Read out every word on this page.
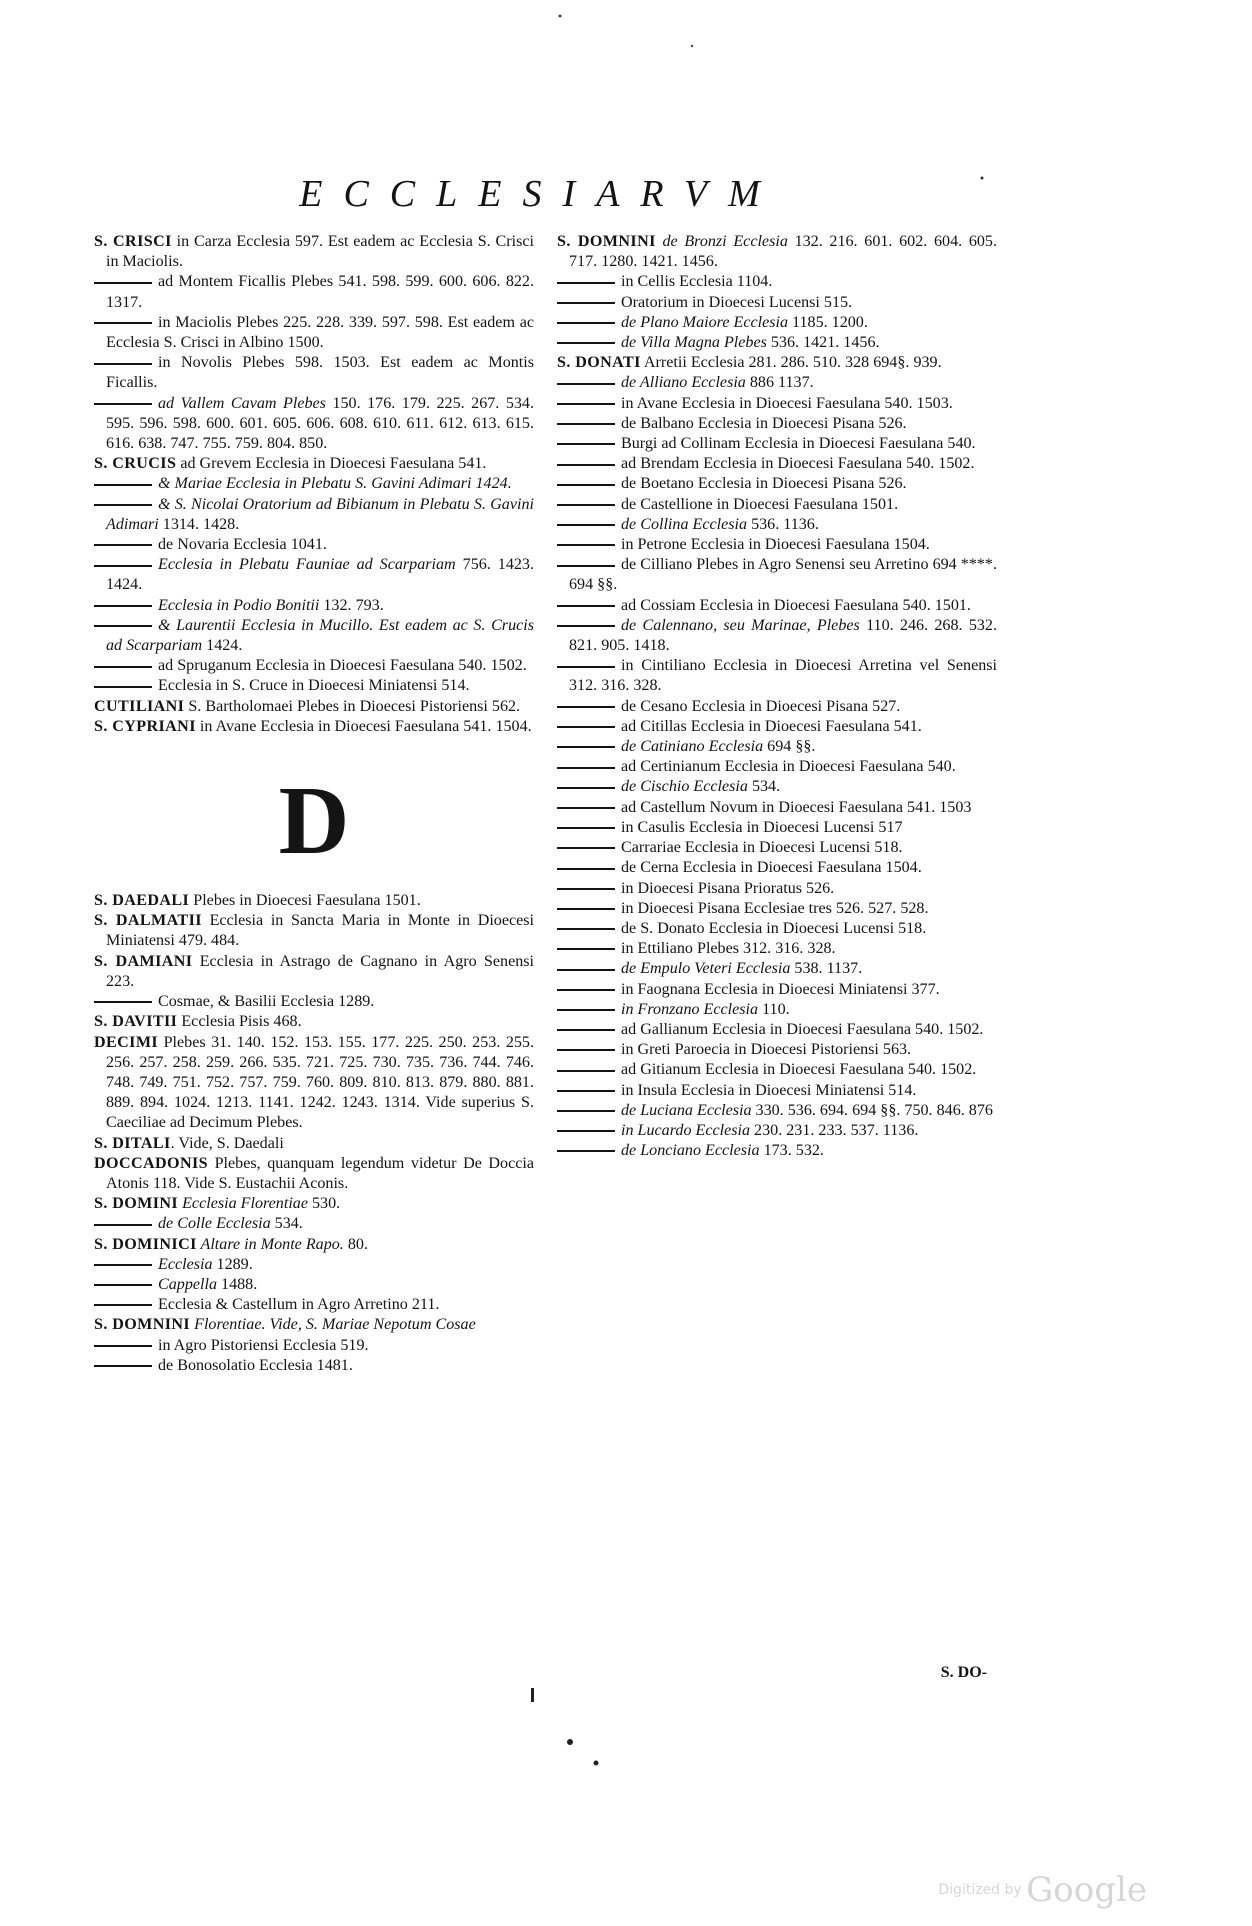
ECCLESIARVM

S. CRISCI in Carza Ecclesia 597. Est eadem ac Ecclesia S. Crisci in Maciolis.

ad Montem Ficallis Plebes 541. 598. 599. 600. 606. 822. 1317.

in Maciolis Plebes 225. 228. 339. 597. 598. Est eadem ac Ecclesia S. Crisci in Albino 1500.

in Novolis Plebes 598. 1503. Est eadem ac Montis Ficallis.

ad Vallem Cavam Plebes 150. 176. 179. 225. 267. 534. 595. 596. 598. 600. 601. 605. 606. 608. 610. 611. 612. 613. 615. 616. 638. 747. 755. 759. 804. 850.

S. CRUCIS ad Grevem Ecclesia in Dioecesi Faesulana 541.

& Mariae Ecclesia in Plebatu S. Gavini Adimari 1424.

& S. Nicolai Oratorium ad Bibianum in Plebatu S. Gavini Adimari 1314. 1428.

de Novaria Ecclesia 1041.

Ecclesia in Plebatu Fauniae ad Scarpariam 756. 1423. 1424.

Ecclesia in Podio Bonitii 132. 793.

& Laurentii Ecclesia in Mucillo. Est eadem ac S. Crucis ad Scarpariam 1424.

ad Spruganum Ecclesia in Dioecesi Faesulana 540. 1502.

Ecclesia in S. Cruce in Dioecesi Miniatensi 514.

CUTILIANI S. Bartholomaei Plebes in Dioecesi Pistoriensi 562.

S. CYPRIANI in Avane Ecclesia in Dioecesi Faesulana 541. 1504.

D

S. DAEDALI Plebes in Dioecesi Faesulana 1501.

S. DALMATII Ecclesia in Sancta Maria in Monte in Dioecesi Miniatensi 479. 484.

S. DAMIANI Ecclesia in Astrago de Cagnano in Agro Senensi 223.

Cosmae, & Basilii Ecclesia 1289.

S. DAVITII Ecclesia Pisis 468.

DECIMI Plebes 31. 140. 152. 153. 155. 177. 225. 250. 253. 255. 256. 257. 258. 259. 266. 535. 721. 725. 730. 735. 736. 744. 746. 748. 749. 751. 752. 757. 759. 760. 809. 810. 813. 879. 880. 881. 889. 894. 1024. 1213. 1141. 1242. 1243. 1314. Vide superius S. Caeciliae ad Decimum Plebes.

S. DITALI. Vide, S. Daedali

DOCCADONIS Plebes, quanquam legendum videtur De Doccia Atonis 118. Vide S. Eustachii Aconis.

S. DOMINI Ecclesia Florentiae 530.

de Colle Ecclesia 534.

S. DOMINICI Altare in Monte Rapo. 80.

Ecclesia 1289.

Cappella 1488.

Ecclesia & Castellum in Agro Arretino 211.

S. DOMNINI Florentiae. Vide, S. Mariae Nepotum Cosae

in Agro Pistoriensi Ecclesia 519.

de Bonosolatio Ecclesia 1481.

S. DOMNINI de Bronzi Ecclesia 132. 216. 601. 602. 604. 605. 717. 1280. 1421. 1456.

in Cellis Ecclesia 1104.

Oratorium in Dioecesi Lucensi 515.

de Plano Maiore Ecclesia 1185. 1200.

de Villa Magna Plebes 536. 1421. 1456.

S. DONATI Arretii Ecclesia 281. 286. 510. 328 694§. 939.

de Alliano Ecclesia 886 1137.

in Avane Ecclesia in Dioecesi Faesulana 540. 1503.

de Balbano Ecclesia in Dioecesi Pisana 526.

Burgi ad Collinam Ecclesia in Dioecesi Faesulana 540.

ad Brendam Ecclesia in Dioecesi Faesulana 540. 1502.

de Boetano Ecclesia in Dioecesi Pisana 526.

de Castellione in Dioecesi Faesulana 1501.

de Collina Ecclesia 536. 1136.

in Petrone Ecclesia in Dioecesi Faesulana 1504.

de Cilliano Plebes in Agro Senensi seu Arretino 694 ****. 694 §§.

ad Cossiam Ecclesia in Dioecesi Faesulana 540. 1501.

de Calennano, seu Marinae, Plebes 110. 246. 268. 532. 821. 905. 1418.

in Cintiliano Ecclesia in Dioecesi Arretina vel Senensi 312. 316. 328.

de Cesano Ecclesia in Dioecesi Pisana 527.

ad Citillas Ecclesia in Dioecesi Faesulana 541.

de Catiniano Ecclesia 694 §§.

ad Certinianum Ecclesia in Dioecesi Faesulana 540.

de Cischio Ecclesia 534.

ad Castellum Novum in Dioecesi Faesulana 541. 1503

in Casulis Ecclesia in Dioecesi Lucensi 517

Carrariae Ecclesia in Dioecesi Lucensi 518.

de Cerna Ecclesia in Dioecesi Faesulana 1504.

in Dioecesi Pisana Prioratus 526.

in Dioecesi Pisana Ecclesiae tres 526. 527. 528.

de S. Donato Ecclesia in Dioecesi Lucensi 518.

in Ettiliano Plebes 312. 316. 328.

de Empulo Veteri Ecclesia 538. 1137.

in Faognana Ecclesia in Dioecesi Miniatensi 377.

in Fronzano Ecclesia 110.

ad Gallianum Ecclesia in Dioecesi Faesulana 540. 1502.

in Greti Paroecia in Dioecesi Pistoriensi 563.

ad Gitianum Ecclesia in Dioecesi Faesulana 540. 1502.

in Insula Ecclesia in Dioecesi Miniatensi 514.

de Luciana Ecclesia 330. 536. 694. 694 §§. 750. 846. 876

in Lucardo Ecclesia 230. 231. 233. 537. 1136.

de Lonciano Ecclesia 173. 532.

S. DO-
Digitized by Google
